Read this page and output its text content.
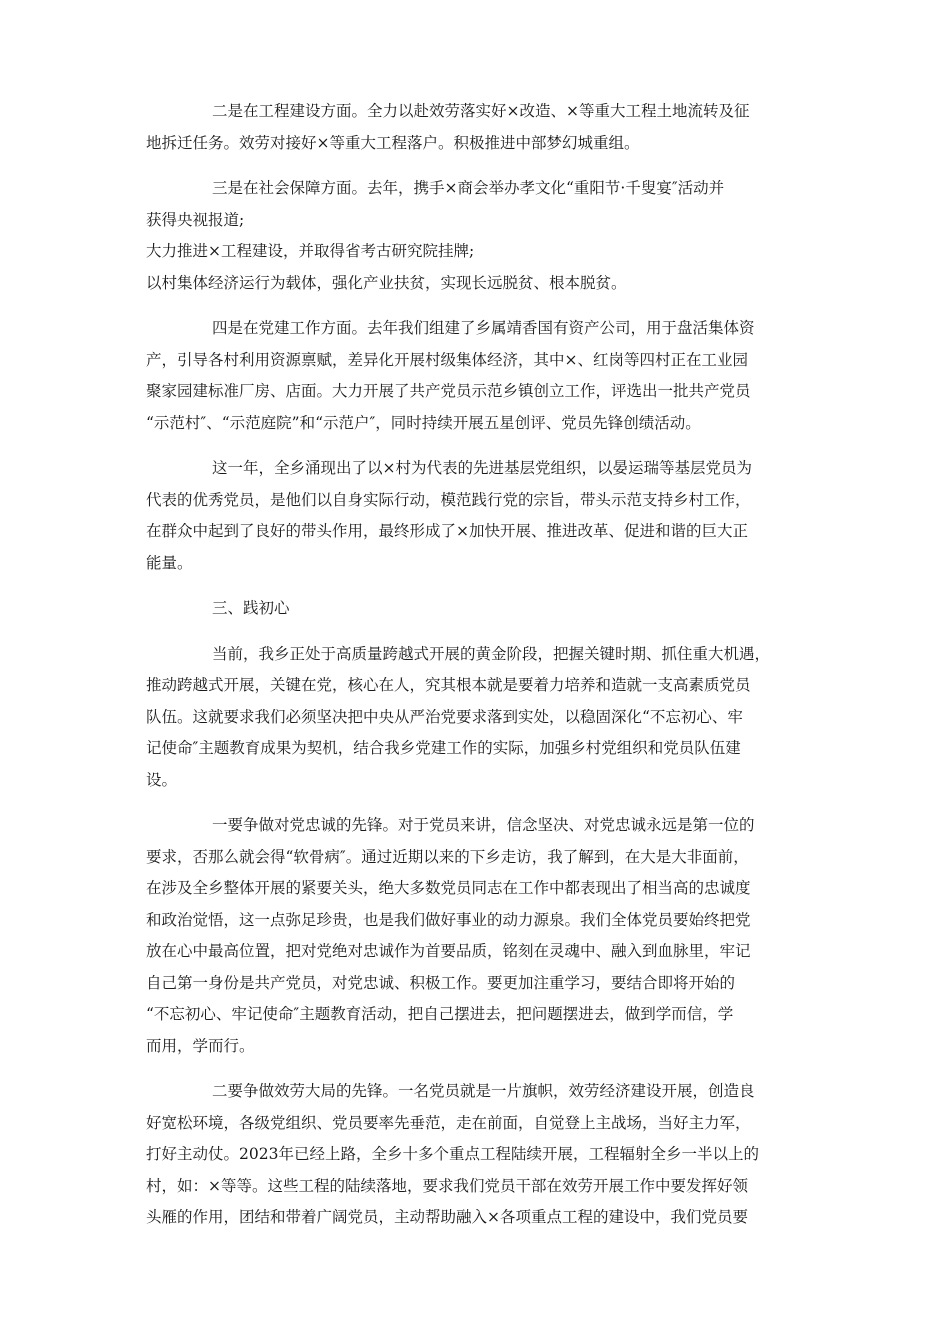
二是在工程建设方面。全力以赴效劳落实好×改造、×等重大工程土地流转及征
地拆迁任务。效劳对接好×等重大工程落户。积极推进中部梦幻城重组。
三是在社会保障方面。去年，携手×商会举办孝文化“重阳节·千叟宴″活动并
获得央视报道;
大力推进×工程建设，并取得省考古研究院挂牌;
以村集体经济运行为载体，强化产业扶贫，实现长远脱贫、根本脱贫。
四是在党建工作方面。去年我们组建了乡属靖香国有资产公司，用于盘活集体资
产，引导各村利用资源禀赋，差异化开展村级集体经济，其中×、红岗等四村正在工业园
聚家园建标准厂房、店面。大力开展了共产党员示范乡镇创立工作，评选出一批共产党员
“示范村″、“示范庭院”和“示范户″，同时持续开展五星创评、党员先锋创绩活动。
这一年，全乡涌现出了以×村为代表的先进基层党组织，以晏运瑞等基层党员为
代表的优秀党员，是他们以自身实际行动，模范践行党的宗旨，带头示范支持乡村工作，
在群众中起到了良好的带头作用，最终形成了×加快开展、推进改革、促进和谐的巨大正
能量。
三、践初心
当前，我乡正处于高质量跨越式开展的黄金阶段，把握关键时期、抓住重大机遇，
推动跨越式开展，关键在党，核心在人，究其根本就是要着力培养和造就一支高素质党员
队伍。这就要求我们必须坚决把中央从严治党要求落到实处，以稳固深化“不忘初心、牢
记使命″主题教育成果为契机，结合我乡党建工作的实际，加强乡村党组织和党员队伍建
设。
一要争做对党忠诚的先锋。对于党员来讲，信念坚决、对党忠诚永远是第一位的
要求，否那么就会得“软骨病″。通过近期以来的下乡走访，我了解到，在大是大非面前，
在涉及全乡整体开展的紧要关头，绝大多数党员同志在工作中都表现出了相当高的忠诚度
和政治觉悟，这一点弥足珍贵，也是我们做好事业的动力源泉。我们全体党员要始终把党
放在心中最高位置，把对党绝对忠诚作为首要品质，铭刻在灵魂中、融入到血脉里，牢记
自己第一身份是共产党员，对党忠诚、积极工作。要更加注重学习，要结合即将开始的
“不忘初心、牢记使命″主题教育活动，把自己摆进去，把问题摆进去，做到学而信，学
而用，学而行。
二要争做效劳大局的先锋。一名党员就是一片旗帜，效劳经济建设开展，创造良
好宽松环境，各级党组织、党员要率先垂范，走在前面，自觉登上主战场，当好主力军，
打好主动仗。2023年已经上路，全乡十多个重点工程陆续开展，工程辐射全乡一半以上的
村，如：×等等。这些工程的陆续落地，要求我们党员干部在效劳开展工作中要发挥好领
头雁的作用，团结和带着广阔党员，主动帮助融入×各项重点工程的建设中，我们党员要
